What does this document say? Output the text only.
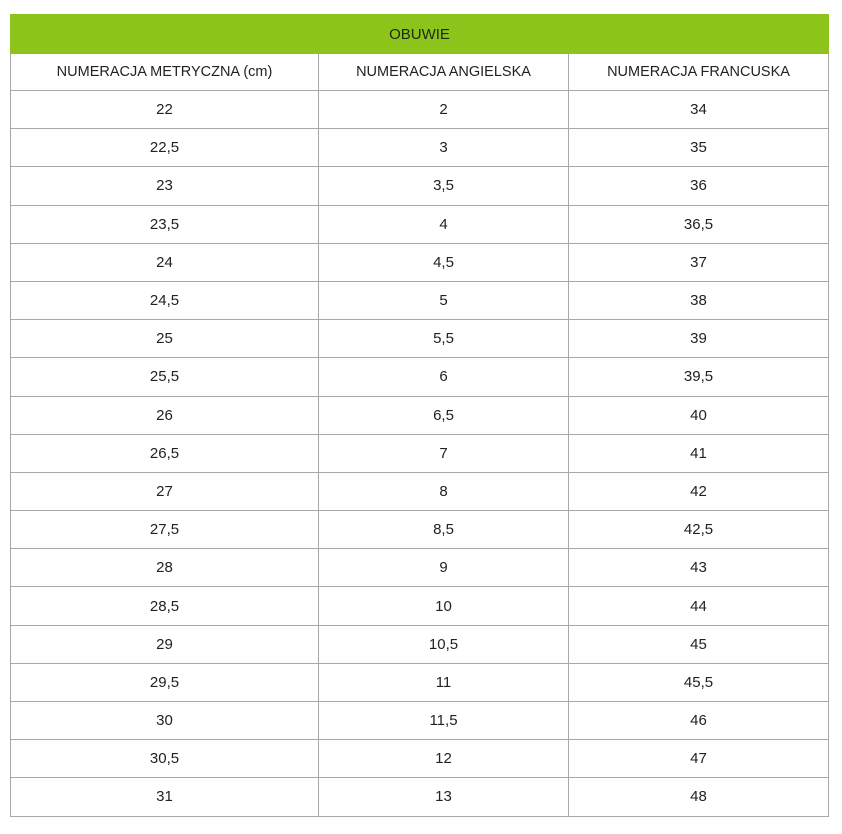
OBUWIE		
NUMERACJA METRYCZNA (cm)	NUMERACJA ANGIELSKA	NUMERACJA FRANCUSKA
22	2	34
22,5	3	35
23	3,5	36
23,5	4	36,5
24	4,5	37
24,5	5	38
25	5,5	39
25,5	6	39,5
26	6,5	40
26,5	7	41
27	8	42
27,5	8,5	42,5
28	9	43
28,5	10	44
29	10,5	45
29,5	11	45,5
30	11,5	46
30,5	12	47
31	13	48
